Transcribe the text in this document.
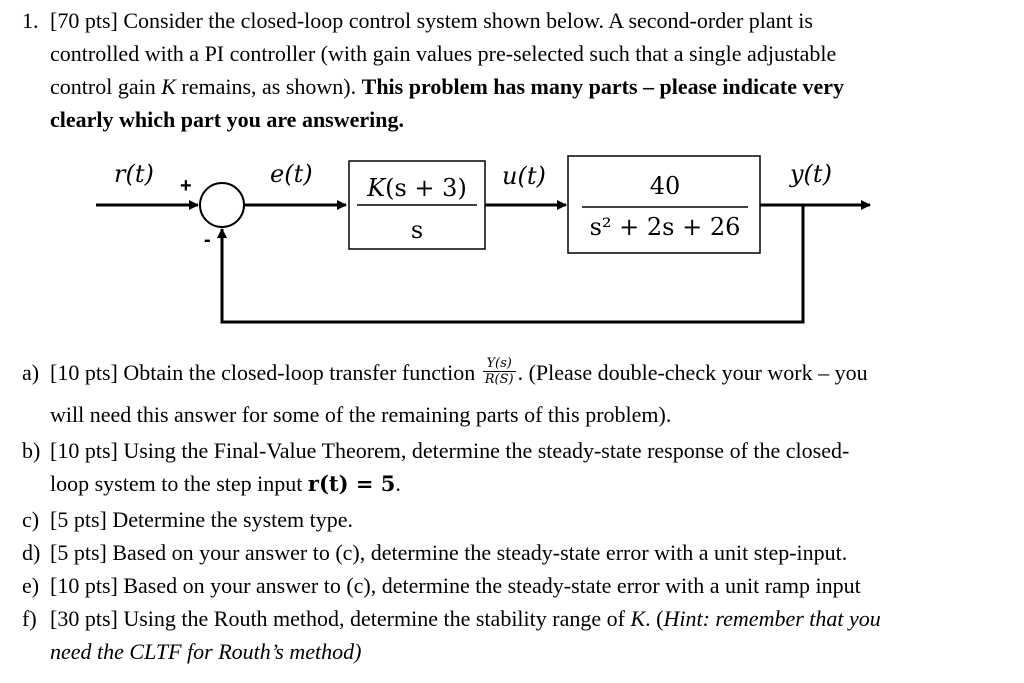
1. [70 pts] Consider the closed-loop control system shown below. A second-order plant is
controlled with a PI controller (with gain values pre-selected such that a single adjustable
control gain K remains, as shown). This problem has many parts – please indicate very
clearly which part you are answering.
r(t) +
-
e(t)	K(s + 3)
s
u(t)	40
s² + 2s + 26
y(t)
a) [10 pts] Obtain the closed-loop transfer function $\frac{Y(s)}{R(S)}$ . (Please double-check your work – you
will need this answer for some of the remaining parts of this problem).
b) [10 pts] Using the Final-Value Theorem, determine the steady-state response of the closed-
loop system to the step input r(t) = 5.
c) [5 pts] Determine the system type.
d) [5 pts] Based on your answer to (c), determine the steady-state error with a unit step-input.
e) [10 pts] Based on your answer to (c), determine the steady-state error with a unit ramp input
f) [30 pts] Using the Routh method, determine the stability range of K. (Hint: remember that you
need the CLTF for Routh’s method)
